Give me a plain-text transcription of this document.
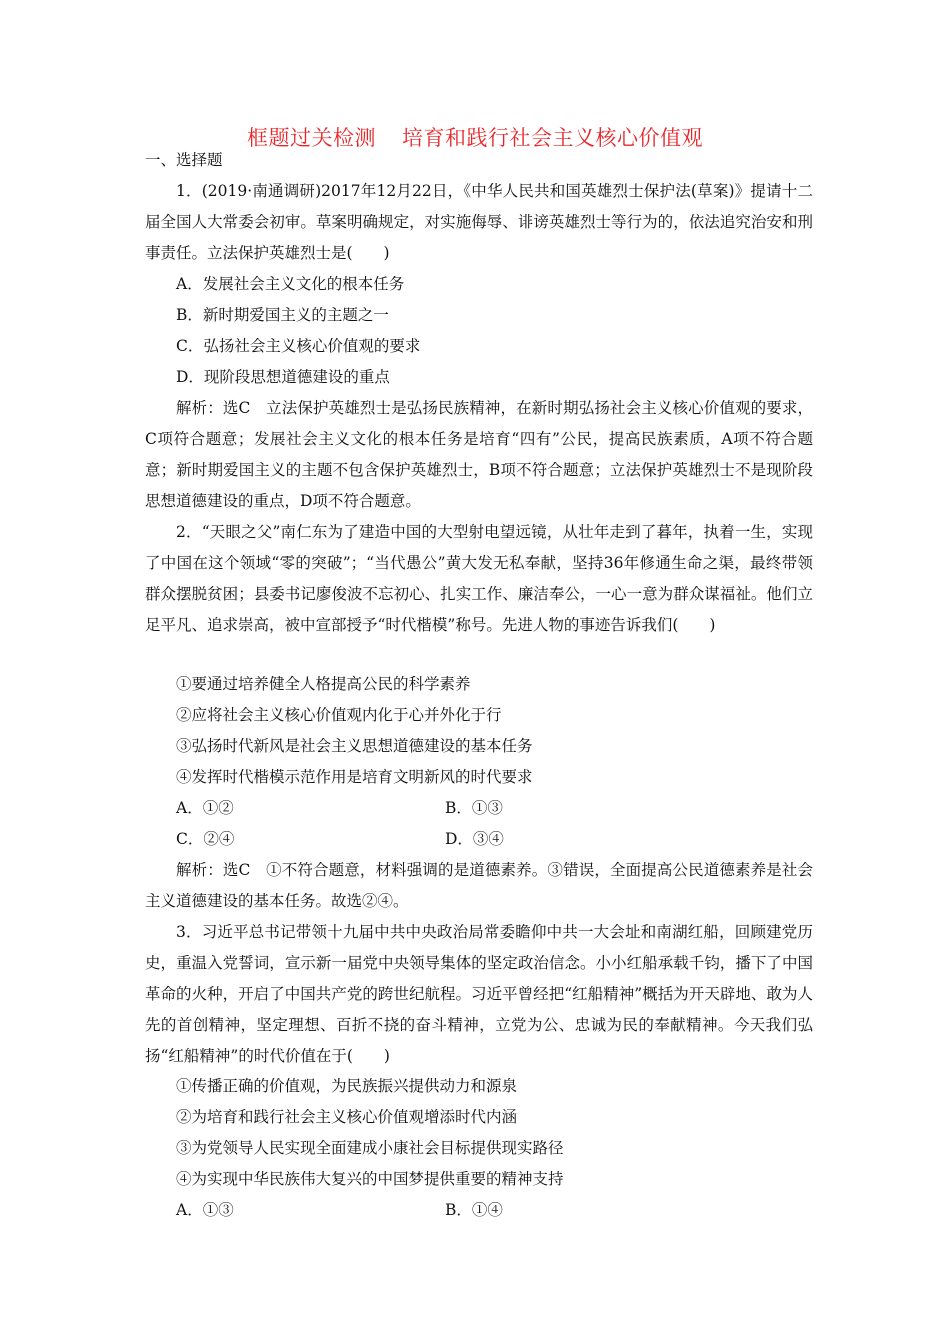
框题过关检测 培育和践行社会主义核心价值观

一、选择题

1．(2019·南通调研)2017年12月22日，《中华人民共和国英雄烈士保护法(草案)》提请十二届全国人大常委会初审。草案明确规定，对实施侮辱、诽谤英雄烈士等行为的，依法追究治安和刑事责任。立法保护英雄烈士是(　　)

A．发展社会主义文化的根本任务

B．新时期爱国主义的主题之一

C．弘扬社会主义核心价值观的要求

D．现阶段思想道德建设的重点

解析：选C　立法保护英雄烈士是弘扬民族精神，在新时期弘扬社会主义核心价值观的要求，C项符合题意；发展社会主义文化的根本任务是培育“四有”公民，提高民族素质，A项不符合题意；新时期爱国主义的主题不包含保护英雄烈士，B项不符合题意；立法保护英雄烈士不是现阶段思想道德建设的重点，D项不符合题意。

2．“天眼之父”南仁东为了建造中国的大型射电望远镜，从壮年走到了暮年，执着一生，实现了中国在这个领域“零的突破”；“当代愚公”黄大发无私奉献，坚持36年修通生命之渠，最终带领群众摆脱贫困；县委书记廖俊波不忘初心、扎实工作、廉洁奉公，一心一意为群众谋福祉。他们立足平凡、追求崇高，被中宣部授予“时代楷模”称号。先进人物的事迹告诉我们(　　)

①要通过培养健全人格提高公民的科学素养

②应将社会主义核心价值观内化于心并外化于行

③弘扬时代新风是社会主义思想道德建设的基本任务

④发挥时代楷模示范作用是培育文明新风的时代要求

A．①②	B．①③
C．②④	D．③④

解析：选C　①不符合题意，材料强调的是道德素养。③错误，全面提高公民道德素养是社会主义道德建设的基本任务。故选②④。

3．习近平总书记带领十九届中共中央政治局常委瞻仰中共一大会址和南湖红船，回顾建党历史，重温入党誓词，宣示新一届党中央领导集体的坚定政治信念。小小红船承载千钧，播下了中国革命的火种，开启了中国共产党的跨世纪航程。习近平曾经把“红船精神”概括为开天辟地、敢为人先的首创精神，坚定理想、百折不挠的奋斗精神，立党为公、忠诚为民的奉献精神。今天我们弘扬“红船精神”的时代价值在于(　　)

①传播正确的价值观，为民族振兴提供动力和源泉

②为培育和践行社会主义核心价值观增添时代内涵

③为党领导人民实现全面建成小康社会目标提供现实路径

④为实现中华民族伟大复兴的中国梦提供重要的精神支持

A．①③	B．①④
